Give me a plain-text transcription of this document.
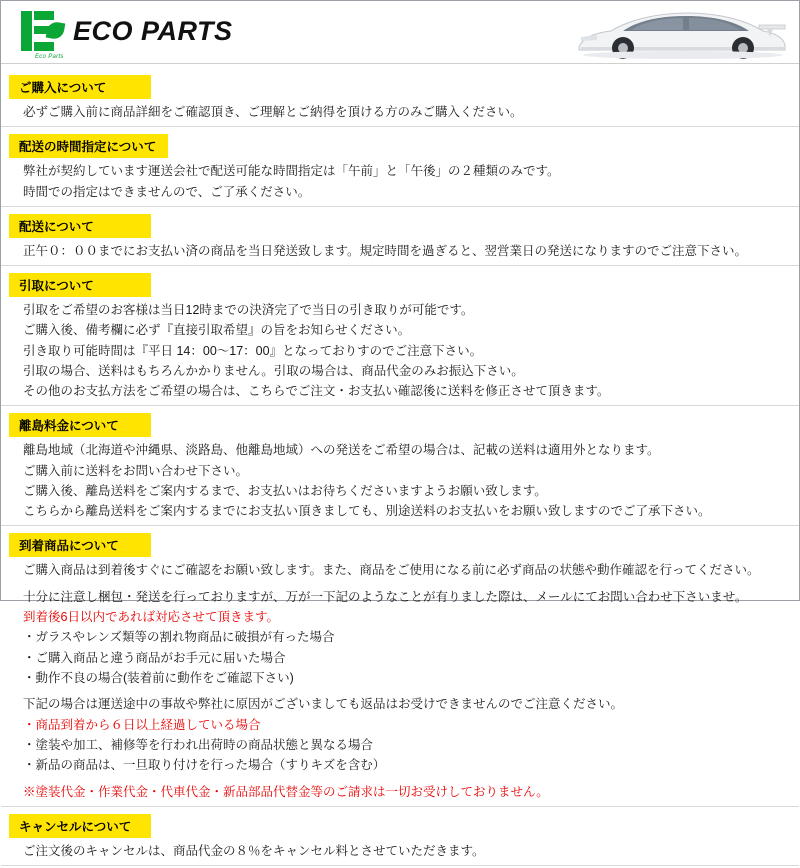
Eco Parts
ECO PARTS
ご購入について
必ずご購入前に商品詳細をご確認頂き、ご理解とご納得を頂ける方のみご購入ください。
配送の時間指定について
弊社が契約しています運送会社で配送可能な時間指定は「午前」と「午後」の２種類のみです。
時間での指定はできませんので、ご了承ください。
配送について
正午０：００までにお支払い済の商品を当日発送致します。規定時間を過ぎると、翌営業日の発送になりますのでご注意下さい。
引取について
引取をご希望のお客様は当日12時までの決済完了で当日の引き取りが可能です。
ご購入後、備考欄に必ず『直接引取希望』の旨をお知らせください。
引き取り可能時間は『平日 14：00〜17：00』となっておりすのでご注意下さい。
引取の場合、送料はもちろんかかりません。引取の場合は、商品代金のみお振込下さい。
その他のお支払方法をご希望の場合は、こちらでご注文・お支払い確認後に送料を修正させて頂きます。
離島料金について
離島地域（北海道や沖縄県、淡路島、他離島地域）への発送をご希望の場合は、記載の送料は適用外となります。
ご購入前に送料をお問い合わせ下さい。
ご購入後、離島送料をご案内するまで、お支払いはお待ちくださいますようお願い致します。
こちらから離島送料をご案内するまでにお支払い頂きましても、別途送料のお支払いをお願い致しますのでご了承下さい。
到着商品について
ご購入商品は到着後すぐにご確認をお願い致します。また、商品をご使用になる前に必ず商品の状態や動作確認を行ってください。

十分に注意し梱包・発送を行っておりますが、万が一下記のようなことが有りました際は、メールにてお問い合わせ下さいませ。
到着後6日以内であれば対応させて頂きます。
・ガラスやレンズ類等の割れ物商品に破損が有った場合
・ご購入商品と違う商品がお手元に届いた場合
・動作不良の場合(装着前に動作をご確認下さい)

下記の場合は運送途中の事故や弊社に原因がございましても返品はお受けできませんのでご注意ください。
・商品到着から６日以上経過している場合
・塗装や加工、補修等を行われ出荷時の商品状態と異なる場合
・新品の商品は、一旦取り付けを行った場合（すりキズを含む）

※塗装代金・作業代金・代車代金・新品部品代替金等のご請求は一切お受けしておりません。
キャンセルについて
ご注文後のキャンセルは、商品代金の８％をキャンセル料とさせていただきます。
